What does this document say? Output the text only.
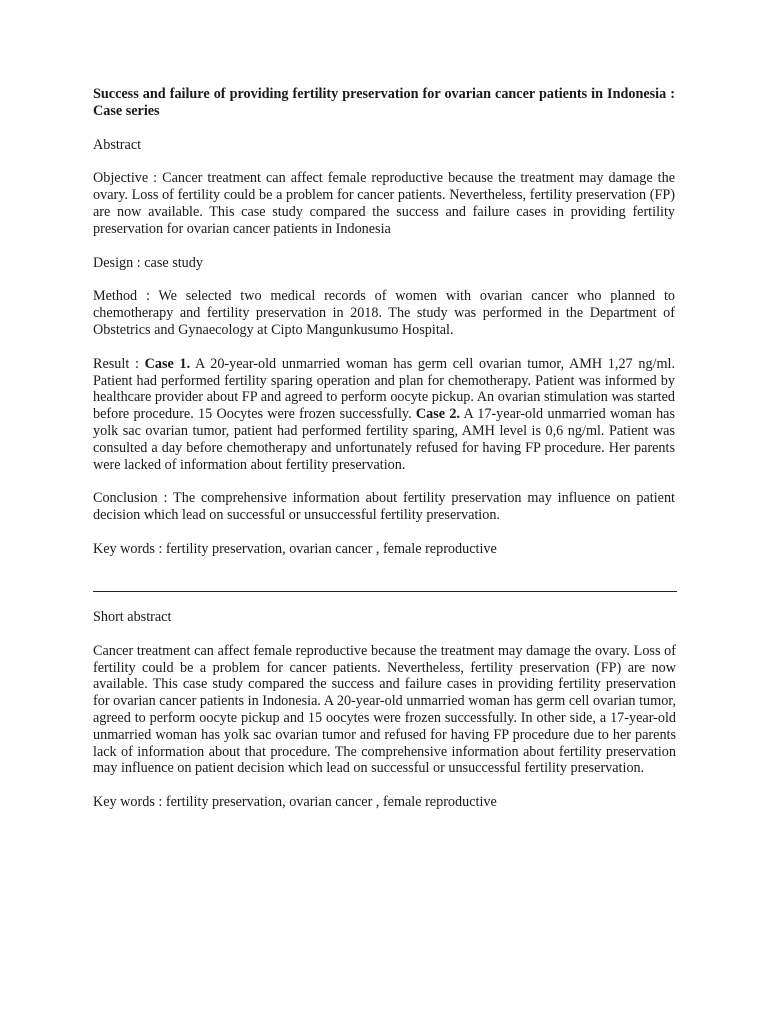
Success and failure of providing fertility preservation for ovarian cancer patients in Indonesia : Case series

Abstract

Objective : Cancer treatment can affect female reproductive because the treatment may damage the ovary. Loss of fertility could be a problem for cancer patients. Nevertheless, fertility preservation (FP) are now available. This case study compared the success and failure cases in providing fertility preservation for ovarian cancer patients in Indonesia

Design : case study

Method : We selected two medical records of women with ovarian cancer who planned to chemotherapy and fertility preservation in 2018. The study was performed in the Department of Obstetrics and Gynaecology at Cipto Mangunkusumo Hospital.

Result : Case 1. A 20-year-old unmarried woman has germ cell ovarian tumor, AMH 1,27 ng/ml. Patient had performed fertility sparing operation and plan for chemotherapy. Patient was informed by healthcare provider about FP and agreed to perform oocyte pickup. An ovarian stimulation was started before procedure. 15 Oocytes were frozen successfully. Case 2. A 17-year-old unmarried woman has yolk sac ovarian tumor, patient had performed fertility sparing, AMH level is 0,6 ng/ml. Patient was consulted a day before chemotherapy and unfortunately refused for having FP procedure. Her parents were lacked of information about fertility preservation.

Conclusion : The comprehensive information about fertility preservation may influence on patient decision which lead on successful or unsuccessful fertility preservation.

Key words : fertility preservation, ovarian cancer , female reproductive

Short abstract

Cancer treatment can affect female reproductive because the treatment may damage the ovary. Loss of fertility could be a problem for cancer patients. Nevertheless, fertility preservation (FP) are now available. This case study compared the success and failure cases in providing fertility preservation for ovarian cancer patients in Indonesia. A 20-year-old unmarried woman has germ cell ovarian tumor, agreed to perform oocyte pickup and 15 oocytes were frozen successfully. In other side, a 17-year-old unmarried woman has yolk sac ovarian tumor and refused for having FP procedure due to her parents lack of information about that procedure. The comprehensive information about fertility preservation may influence on patient decision which lead on successful or unsuccessful fertility preservation.

Key words : fertility preservation, ovarian cancer , female reproductive
